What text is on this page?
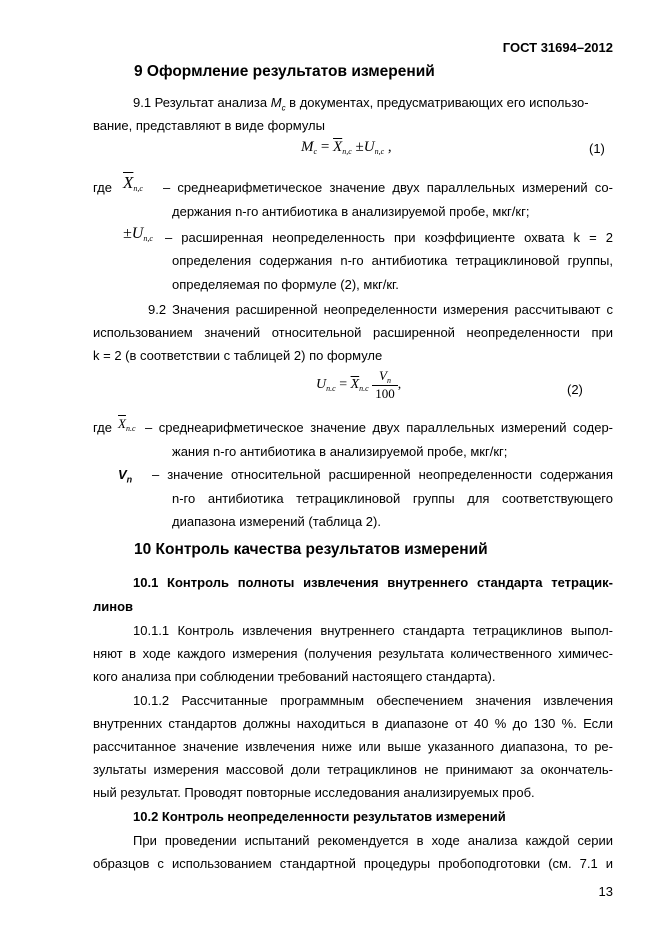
ГОСТ 31694–2012
9 Оформление результатов измерений
9.1 Результат анализа $M_c$ в документах, предусматривающих его использо-
вание, представляют в виде формулы
$M_c = \overline{X}_{n,c} \pm U_{n,c}$ ,	(1)
где $\overline{X}_{n,c}$ – среднеарифметическое значение двух параллельных измерений со-
держания n-го антибиотика в анализируемой пробе, мкг/кг;
$\pm U_{n,c}$ – расширенная неопределенность при коэффициенте охвата k = 2
определения содержания n-го антибиотика тетрациклиновой группы,
определяемая по формуле (2), мкг/кг.
9.2 Значения расширенной неопределенности измерения рассчитывают с
использованием значений относительной расширенной неопределенности при
k = 2 (в соответствии с таблицей 2) по формуле
$U_{n.c} = \overline{X}_{n.c} \frac{V_n}{100}$ ,	(2)
где $\overline{X}_{n.c}$ – среднеарифметическое значение двух параллельных измерений содер-
жания n-го антибиотика в анализируемой пробе, мкг/кг;
$V_n$ – значение относительной расширенной неопределенности содержания
n-го антибиотика тетрациклиновой группы для соответствующего
диапазона измерений (таблица 2).
10 Контроль качества результатов измерений
10.1 Контроль полноты извлечения внутреннего стандарта тетрацик-
линов
10.1.1 Контроль извлечения внутреннего стандарта тетрациклинов выпол-
няют в ходе каждого измерения (получения результата количественного химичес-
кого анализа при соблюдении требований настоящего стандарта).
10.1.2 Рассчитанные программным обеспечением значения извлечения
внутренних стандартов должны находиться в диапазоне от 40 % до 130 %. Если
рассчитанное значение извлечения ниже или выше указанного диапазона, то ре-
зультаты измерения массовой доли тетрациклинов не принимают за окончатель-
ный результат. Проводят повторные исследования анализируемых проб.
10.2 Контроль неопределенности результатов измерений
При проведении испытаний рекомендуется в ходе анализа каждой серии
образцов с использованием стандартной процедуры пробоподготовки (см. 7.1 и
13
